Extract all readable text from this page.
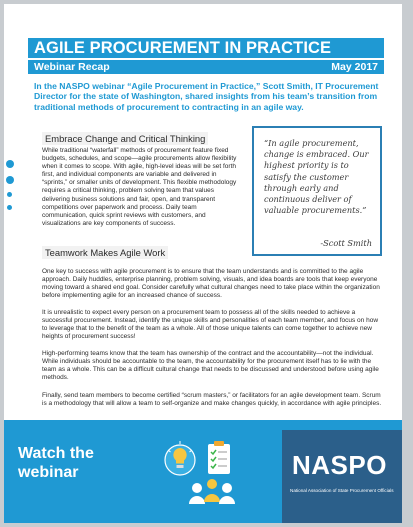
AGILE PROCUREMENT IN PRACTICE
Webinar Recap	May 2017
In the NASPO webinar “Agile Procurement in Practice,” Scott Smith, IT Procurement Director for the state of Washington, shared insights from his team’s transition from traditional methods of procurement to contracting in an agile way.
Embrace Change and Critical Thinking
While traditional “waterfall” methods of procurement feature fixed budgets, schedules, and scope—agile procurements allow flexibility when it comes to scope. With agile, high-level ideas will be set forth first, and individual components are variable and delivered in “sprints,” or smaller units of development. This flexible methodology requires a critical thinking, problem solving team that values delivering business solutions and fair, open, and transparent competitions over paperwork and process. Daily team communication, quick sprint reviews with customers, and visualizations are key components of success.
“In agile procurement, change is embraced. Our highest priority is to satisfy the customer through early and continuous deliver of valuable procurements.”
-Scott Smith
Teamwork Makes Agile Work
One key to success with agile procurement is to ensure that the team understands and is committed to the agile approach. Daily huddles, enterprise planning, problem solving, visuals, and idea boards are tools that keep everyone moving toward a shared end goal. Consider carefully what cultural changes need to take place within the organization before implementing agile for an increased chance of success.
It is unrealistic to expect every person on a procurement team to possess all of the skills needed to achieve a successful procurement. Instead, identify the unique skills and personalities of each team member, and focus on how to leverage that to the benefit of the team as a whole. All of those unique talents can come together to achieve new heights of procurement success!
High-performing teams know that the team has ownership of the contract and the accountability—not the individual. While individuals should be accountable to the team, the accountability for the procurement itself has to lie with the team as a whole. This can be a difficult cultural change that needs to be discussed and understood before using agile methods.
Finally, send team members to become certified “scrum masters,” or facilitators for an agile development team. Scrum is a methodology that will allow a team to self-organize and make changes quickly, in accordance with agile principles.
Watch the webinar	NASPO
National Association of State Procurement Officials
